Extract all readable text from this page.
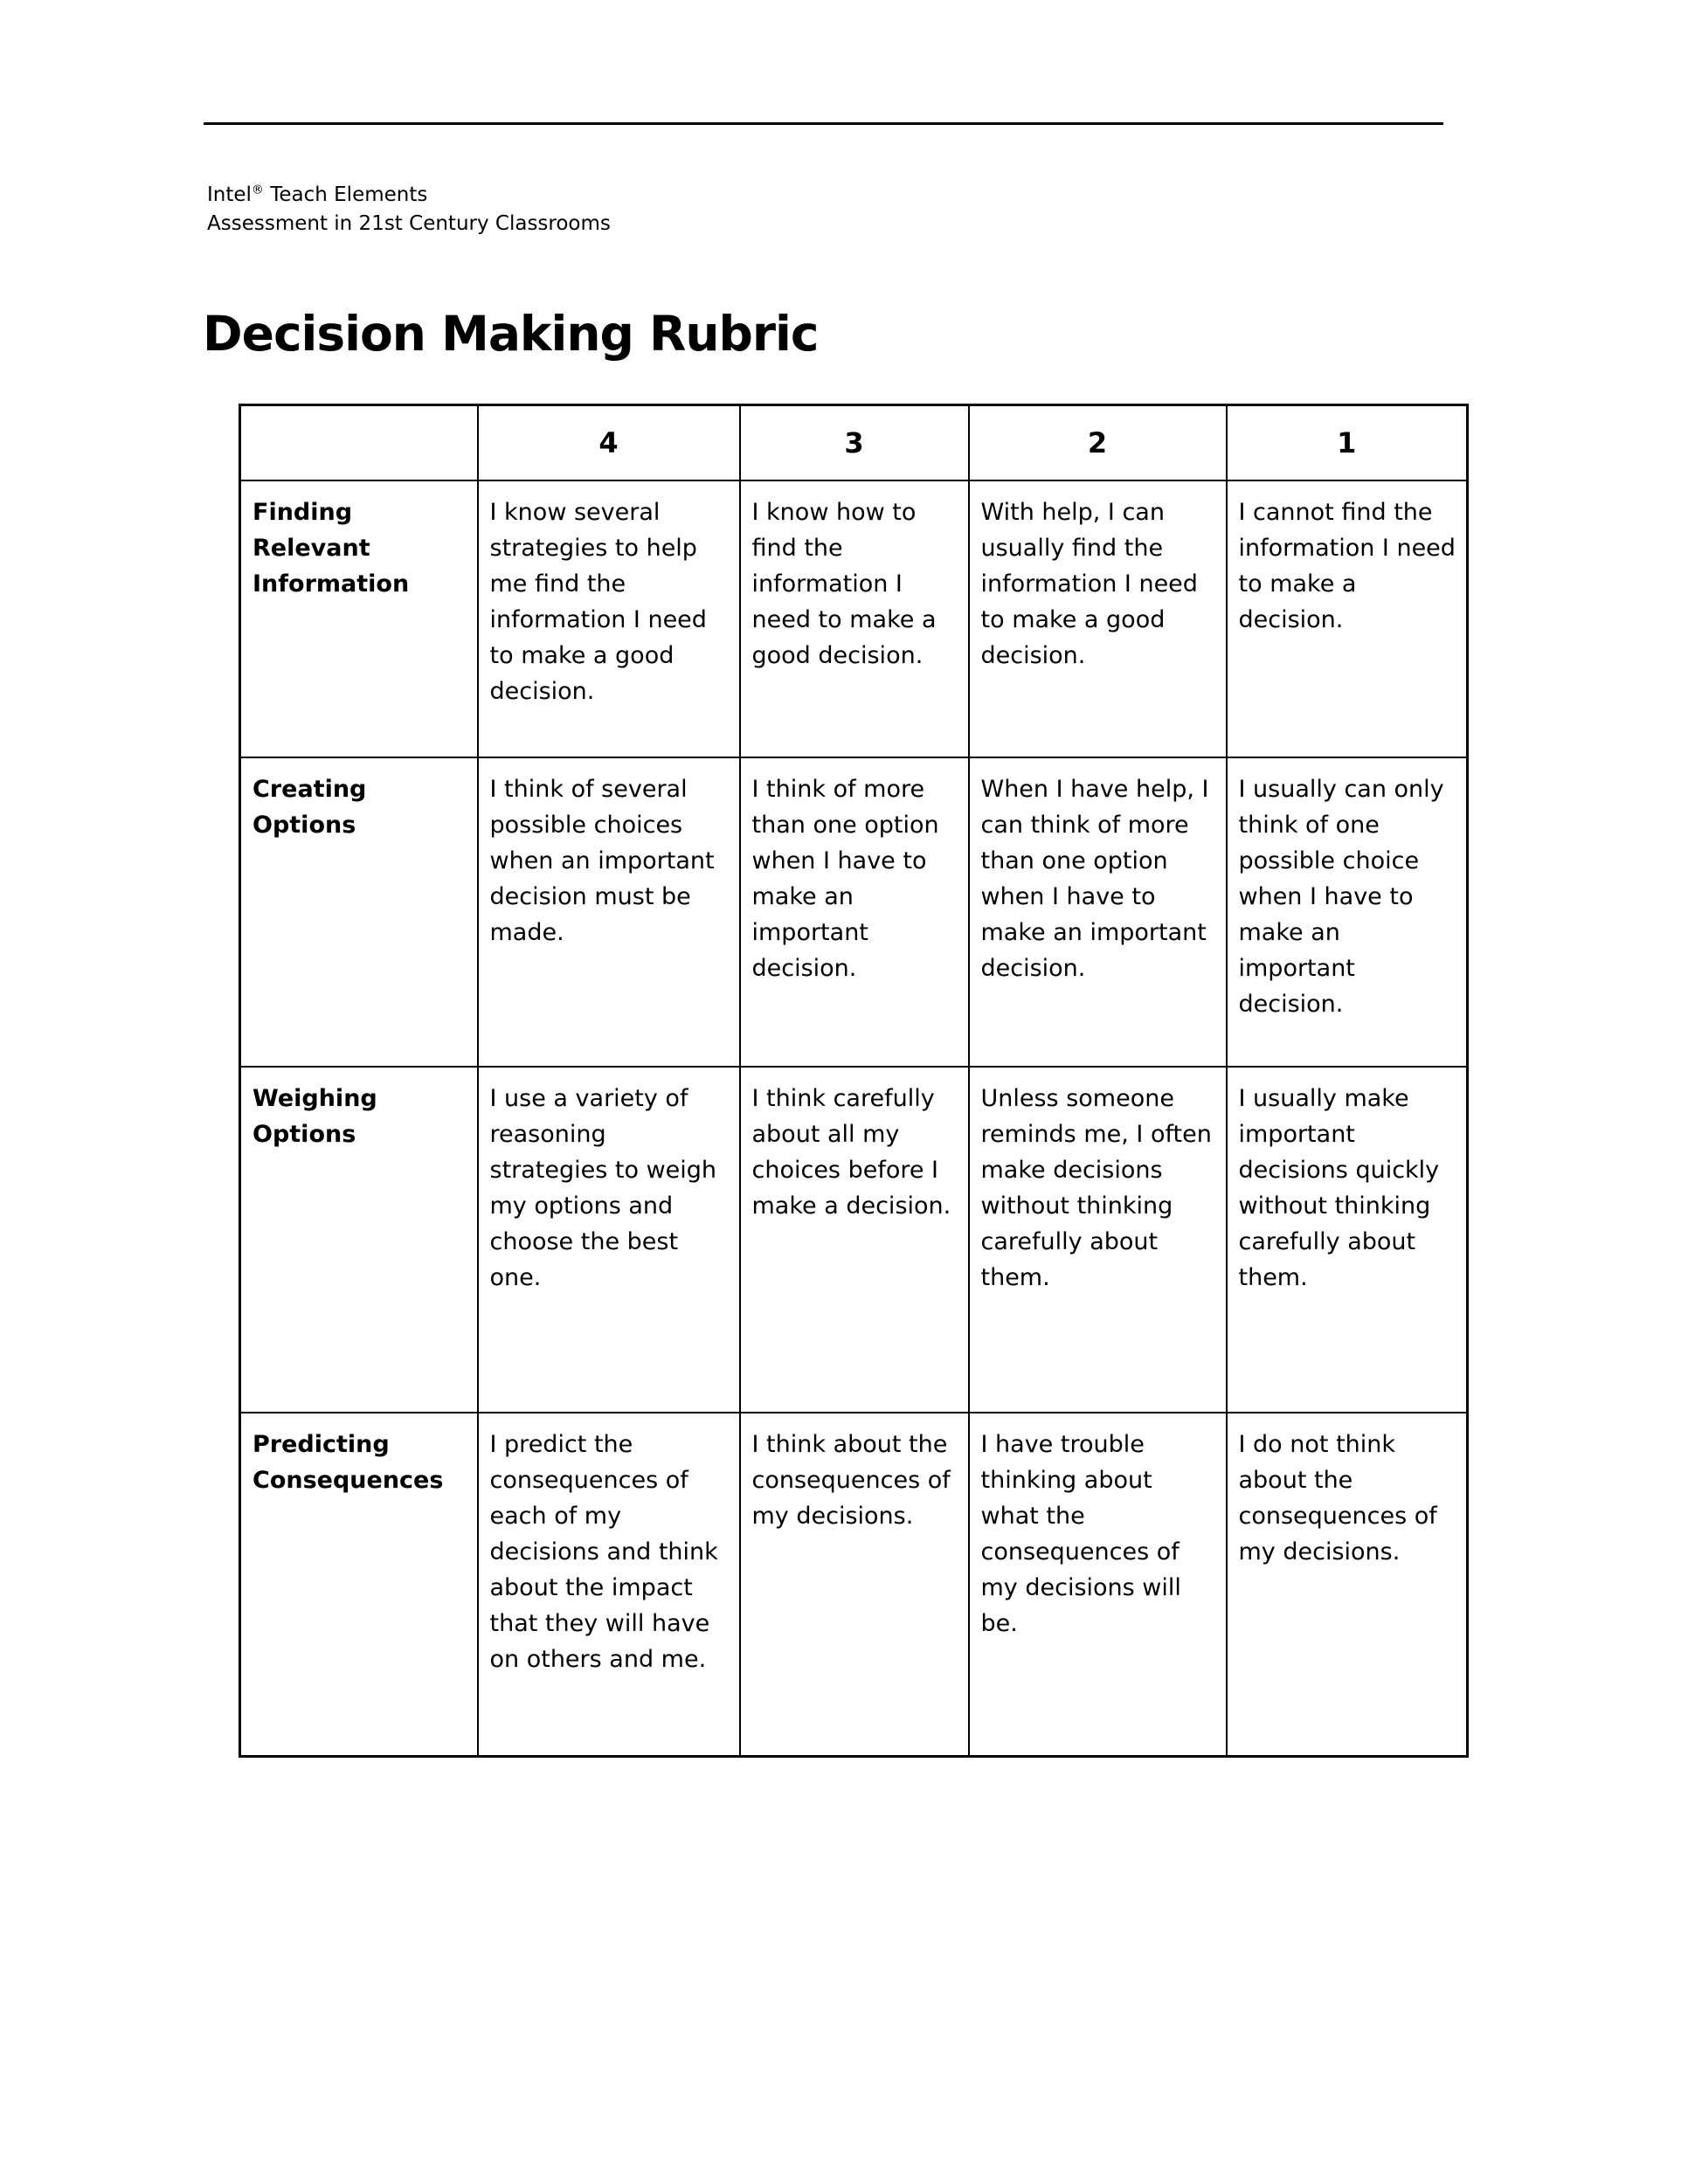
Intel® Teach Elements
Assessment in 21st Century Classrooms
Decision Making Rubric
	4	3	2	1
Finding Relevant Information	I know several strategies to help me find the information I need to make a good decision.	I know how to find the information I need to make a good decision.	With help, I can usually find the information I need to make a good decision.	I cannot find the information I need to make a decision.
Creating Options	I think of several possible choices when an important decision must be made.	I think of more than one option when I have to make an important decision.	When I have help, I can think of more than one option when I have to make an important decision.	I usually can only think of one possible choice when I have to make an important decision.
Weighing Options	I use a variety of reasoning strategies to weigh my options and choose the best one.	I think carefully about all my choices before I make a decision.	Unless someone reminds me, I often make decisions without thinking carefully about them.	I usually make important decisions quickly without thinking carefully about them.
Predicting Consequences	I predict the consequences of each of my decisions and think about the impact that they will have on others and me.	I think about the consequences of my decisions.	I have trouble thinking about what the consequences of my decisions will be.	I do not think about the consequences of my decisions.
